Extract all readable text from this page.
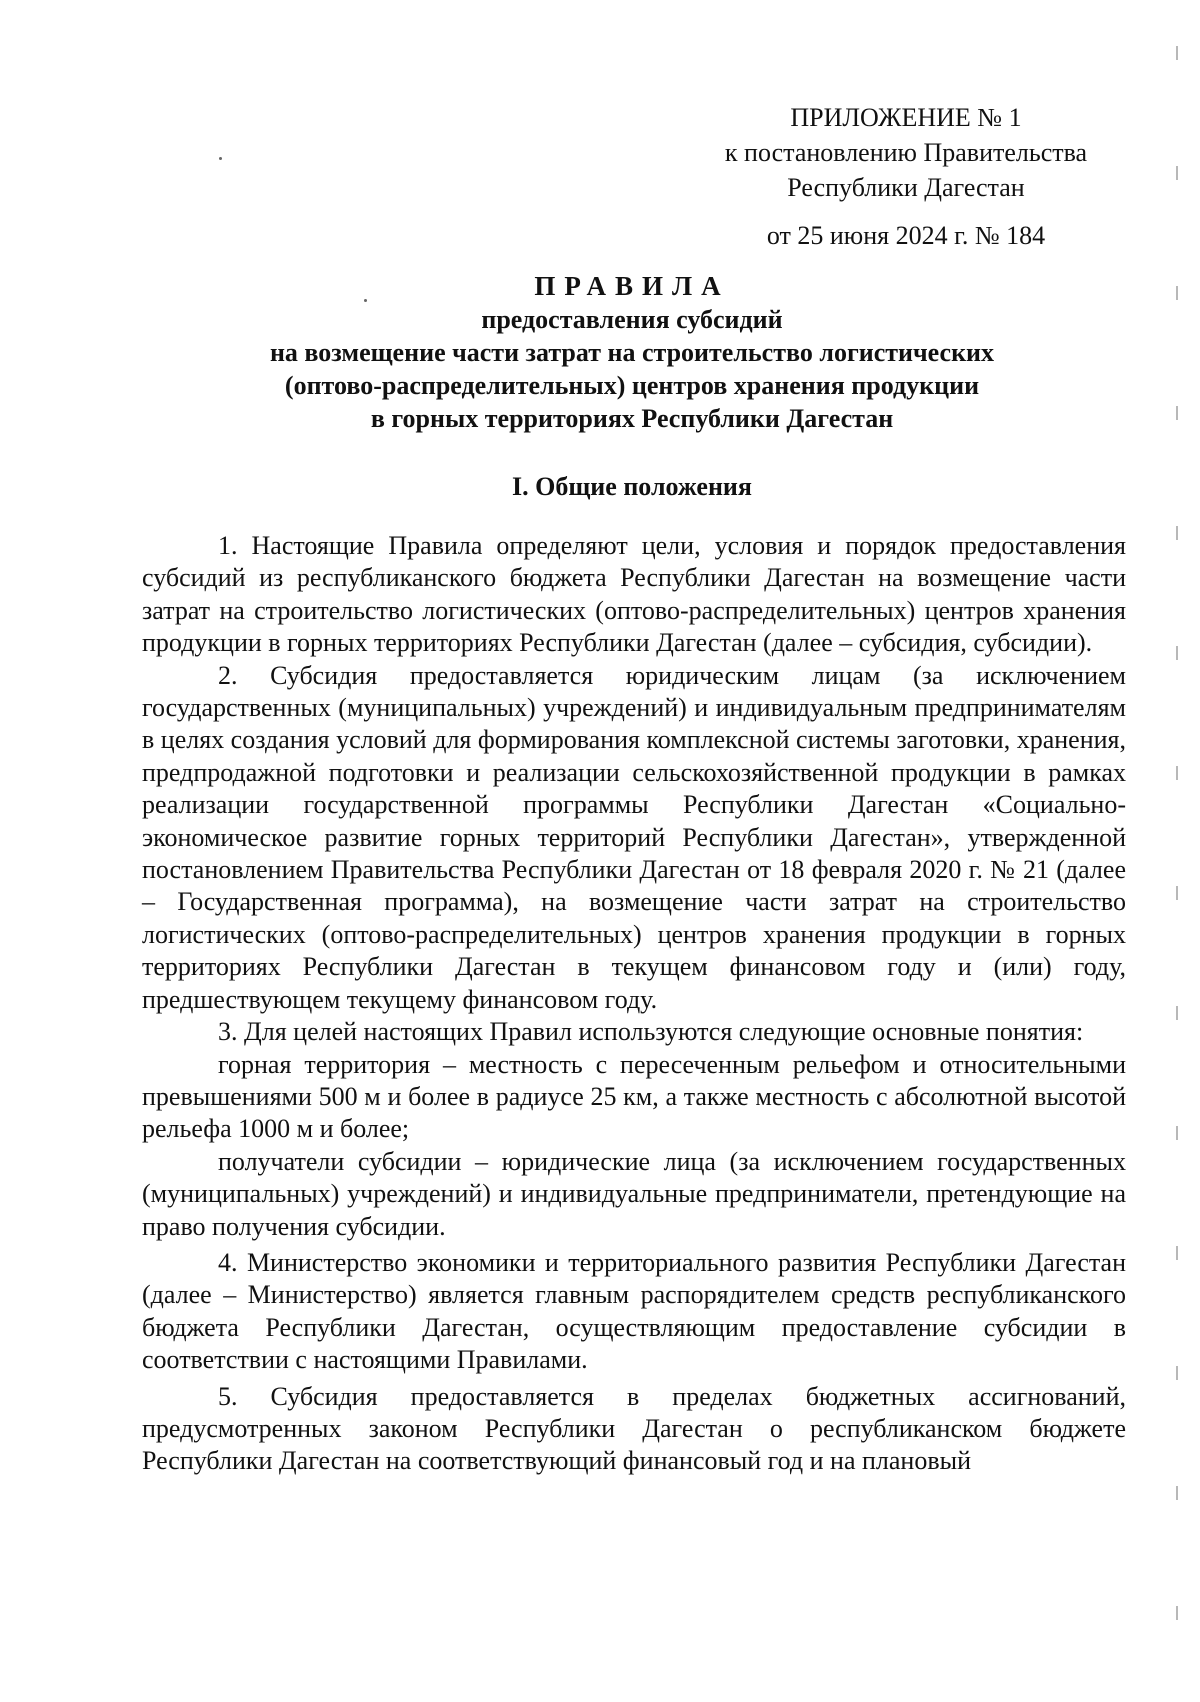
ПРИЛОЖЕНИЕ № 1
к постановлению Правительства
Республики Дагестан
от 25 июня 2024 г. № 184
ПРАВИЛА
предоставления субсидий
на возмещение части затрат на строительство логистических
(оптово-распределительных) центров хранения продукции
в горных территориях Республики Дагестан
I. Общие положения

1. Настоящие Правила определяют цели, условия и порядок предоставления субсидий из республиканского бюджета Республики Дагестан на возмещение части затрат на строительство логистических (оптово-распределительных) центров хранения продукции в горных территориях Республики Дагестан (далее – субсидия, субсидии).

2. Субсидия предоставляется юридическим лицам (за исключением государственных (муниципальных) учреждений) и индивидуальным предпринимателям в целях создания условий для формирования комплексной системы заготовки, хранения, предпродажной подготовки и реализации сельскохозяйственной продукции в рамках реализации государственной программы Республики Дагестан «Социально-экономическое развитие горных территорий Республики Дагестан», утвержденной постановлением Правительства Республики Дагестан от 18 февраля 2020 г. № 21 (далее – Государственная программа), на возмещение части затрат на строительство логистических (оптово-распределительных) центров хранения продукции в горных территориях Республики Дагестан в текущем финансовом году и (или) году, предшествующем текущему финансовом году.

3. Для целей настоящих Правил используются следующие основные понятия:

горная территория – местность с пересеченным рельефом и относительными превышениями 500 м и более в радиусе 25 км, а также местность с абсолютной высотой рельефа 1000 м и более;

получатели субсидии – юридические лица (за исключением государственных (муниципальных) учреждений) и индивидуальные предприниматели, претендующие на право получения субсидии.

4. Министерство экономики и территориального развития Республики Дагестан (далее – Министерство) является главным распорядителем средств республиканского бюджета Республики Дагестан, осуществляющим предоставление субсидии в соответствии с настоящими Правилами.

5. Субсидия предоставляется в пределах бюджетных ассигнований, предусмотренных законом Республики Дагестан о республиканском бюджете Республики Дагестан на соответствующий финансовый год и на плановый
